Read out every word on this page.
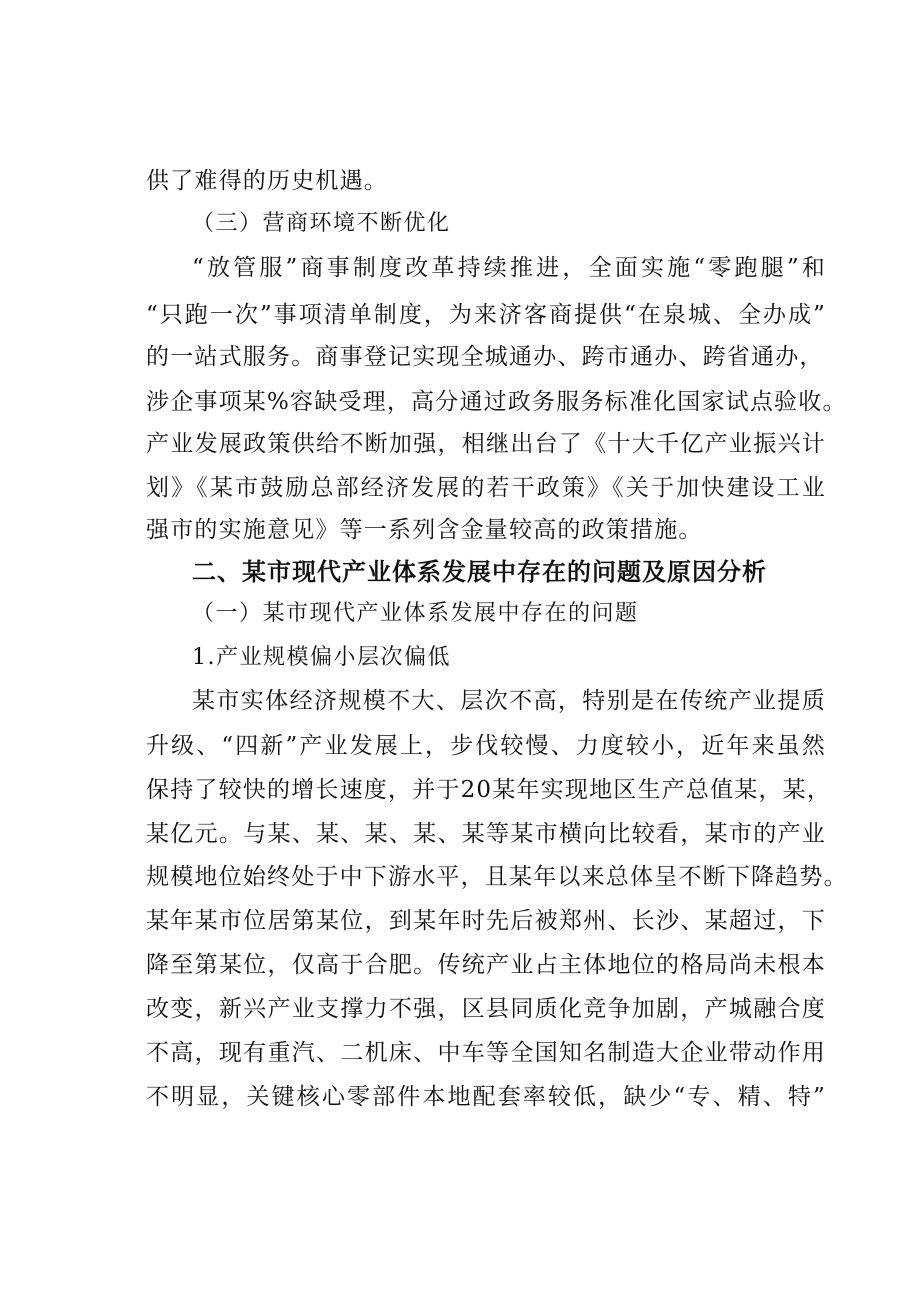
供了难得的历史机遇。
（三）营商环境不断优化
“放管服”商事制度改革持续推进，全面实施“零跑腿”和
“只跑一次”事项清单制度，为来济客商提供“在泉城、全办成”
的一站式服务。商事登记实现全城通办、跨市通办、跨省通办，
涉企事项某%容缺受理，高分通过政务服务标准化国家试点验收。
产业发展政策供给不断加强，相继出台了《十大千亿产业振兴计
划》《某市鼓励总部经济发展的若干政策》《关于加快建设工业
强市的实施意见》等一系列含金量较高的政策措施。
二、某市现代产业体系发展中存在的问题及原因分析
（一）某市现代产业体系发展中存在的问题
1.产业规模偏小层次偏低
某市实体经济规模不大、层次不高，特别是在传统产业提质
升级、“四新”产业发展上，步伐较慢、力度较小，近年来虽然
保持了较快的增长速度，并于20某年实现地区生产总值某，某，
某亿元。与某、某、某、某、某等某市横向比较看，某市的产业
规模地位始终处于中下游水平，且某年以来总体呈不断下降趋势。
某年某市位居第某位，到某年时先后被郑州、长沙、某超过，下
降至第某位，仅高于合肥。传统产业占主体地位的格局尚未根本
改变，新兴产业支撑力不强，区县同质化竞争加剧，产城融合度
不高，现有重汽、二机床、中车等全国知名制造大企业带动作用
不明显，关键核心零部件本地配套率较低，缺少“专、精、特”
